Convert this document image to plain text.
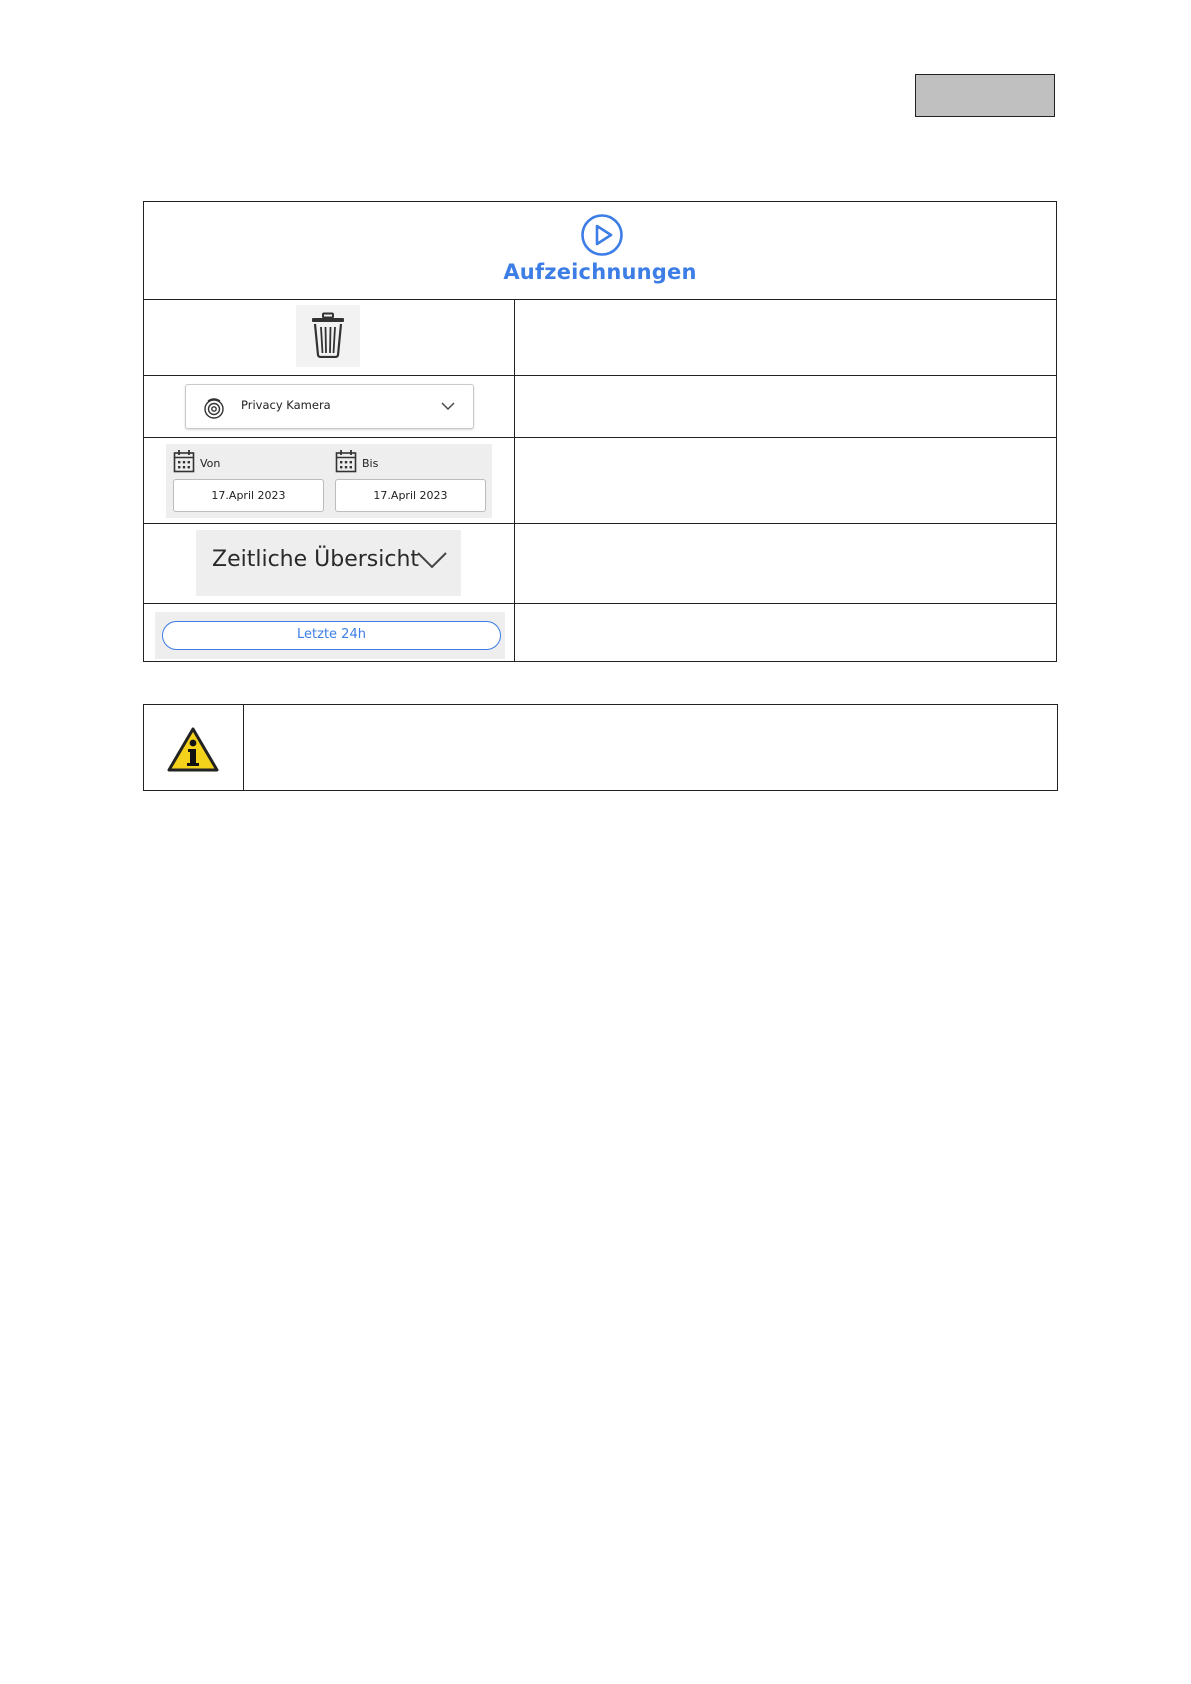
Aufzeichnungen
Privacy Kamera
Von	Bis
17.April 2023	17.April 2023
Zeitliche Übersicht
Letzte 24h
